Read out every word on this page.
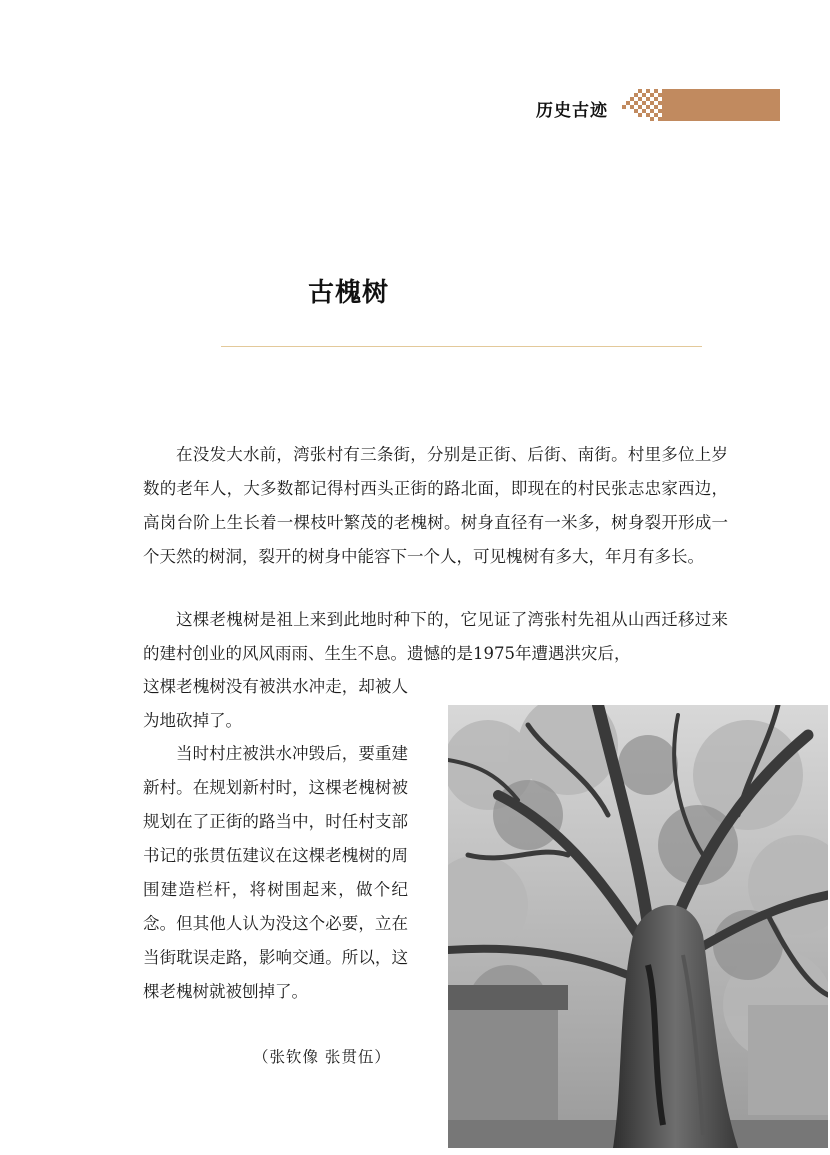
历史古迹
古槐树

在没发大水前，湾张村有三条街，分别是正街、后街、南街。村里多位上岁数的老年人，大多数都记得村西头正街的路北面，即现在的村民张志忠家西边，高岗台阶上生长着一棵枝叶繁茂的老槐树。树身直径有一米多，树身裂开形成一个天然的树洞，裂开的树身中能容下一个人，可见槐树有多大，年月有多长。

这棵老槐树是祖上来到此地时种下的，它见证了湾张村先祖从山西迁移过来的建村创业的风风雨雨、生生不息。遗憾的是1975年遭遇洪灾后，

这棵老槐树没有被洪水冲走，却被人为地砍掉了。

当时村庄被洪水冲毁后，要重建新村。在规划新村时，这棵老槐树被规划在了正街的路当中，时任村支部书记的张贯伍建议在这棵老槐树的周围建造栏杆，将树围起来，做个纪念。但其他人认为没这个必要，立在当街耽误走路，影响交通。所以，这棵老槐树就被刨掉了。

（张钦像 张贯伍）
